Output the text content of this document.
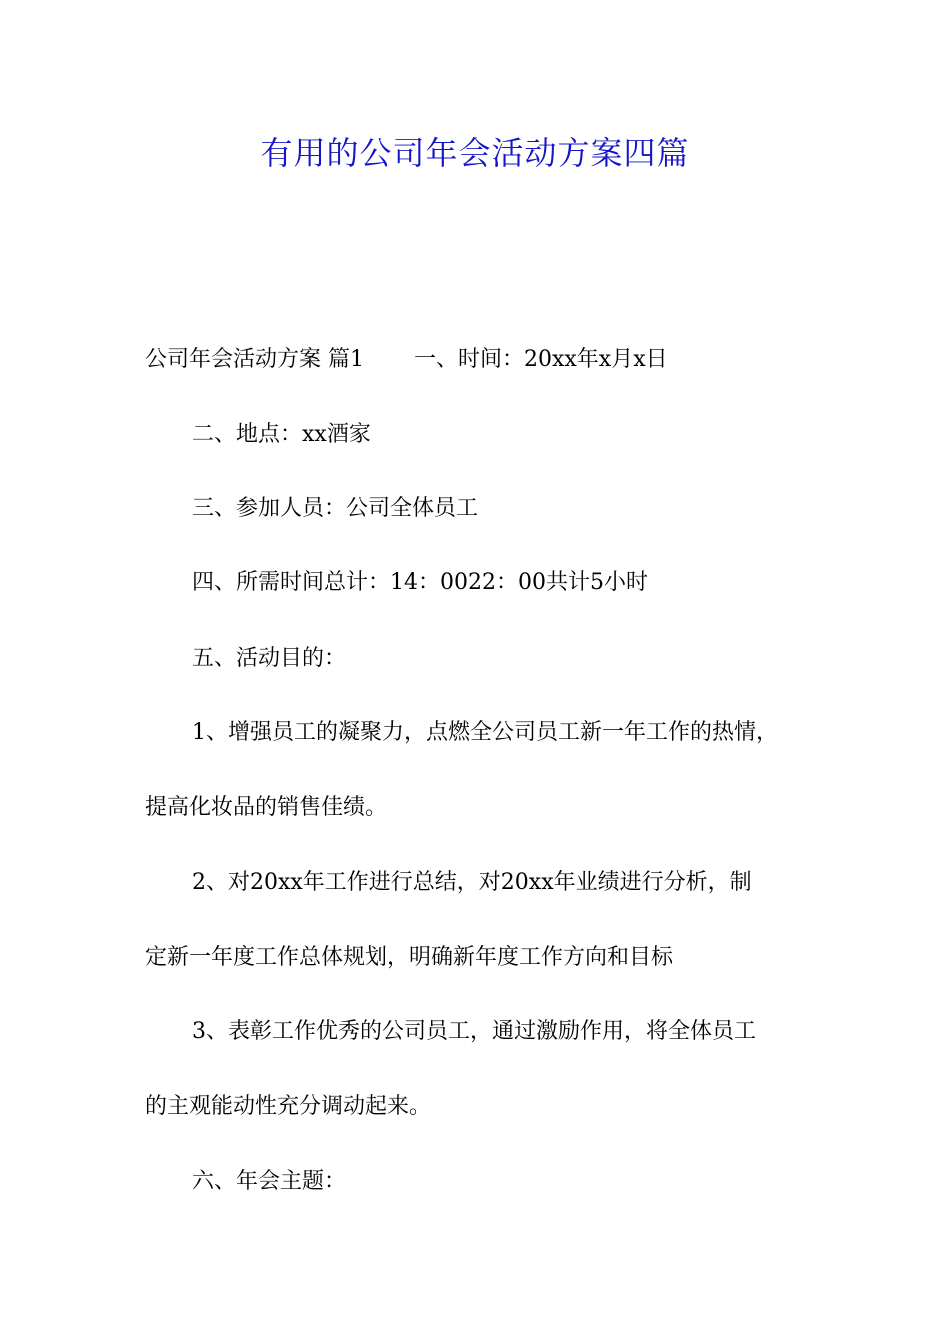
有用的公司年会活动方案四篇

公司年会活动方案 篇1 一、时间：20xx年x月x日

二、地点：xx酒家

三、参加人员：公司全体员工

四、所需时间总计：14：0022：00共计5小时

五、活动目的：

1、增强员工的凝聚力，点燃全公司员工新一年工作的热情，

提高化妆品的销售佳绩。

2、对20xx年工作进行总结，对20xx年业绩进行分析，制

定新一年度工作总体规划，明确新年度工作方向和目标

3、表彰工作优秀的公司员工，通过激励作用，将全体员工

的主观能动性充分调动起来。

六、年会主题：
